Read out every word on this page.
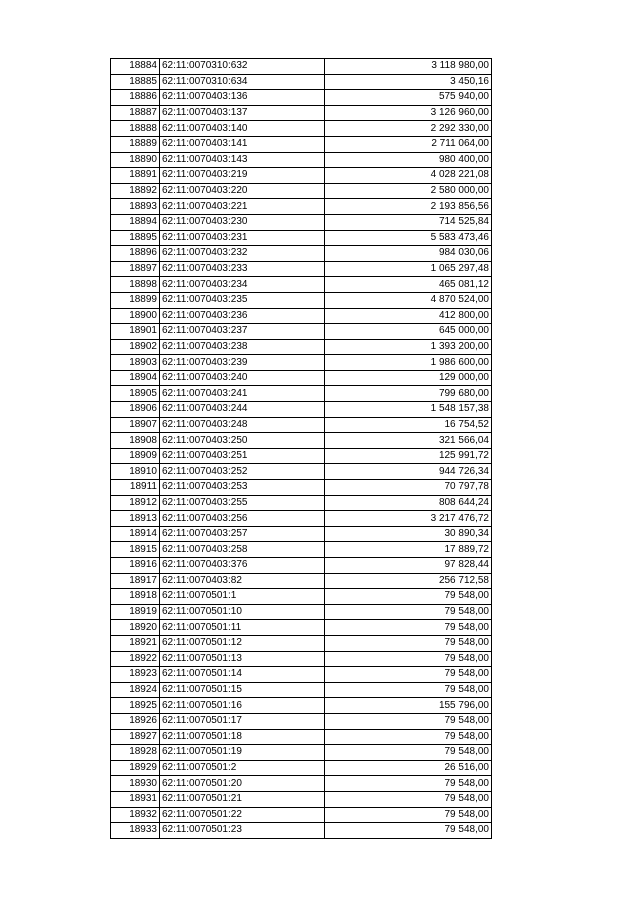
18884	62:11:0070310:632	3 118 980,00
18885	62:11:0070310:634	3 450,16
18886	62:11:0070403:136	575 940,00
18887	62:11:0070403:137	3 126 960,00
18888	62:11:0070403:140	2 292 330,00
18889	62:11:0070403:141	2 711 064,00
18890	62:11:0070403:143	980 400,00
18891	62:11:0070403:219	4 028 221,08
18892	62:11:0070403:220	2 580 000,00
18893	62:11:0070403:221	2 193 856,56
18894	62:11:0070403:230	714 525,84
18895	62:11:0070403:231	5 583 473,46
18896	62:11:0070403:232	984 030,06
18897	62:11:0070403:233	1 065 297,48
18898	62:11:0070403:234	465 081,12
18899	62:11:0070403:235	4 870 524,00
18900	62:11:0070403:236	412 800,00
18901	62:11:0070403:237	645 000,00
18902	62:11:0070403:238	1 393 200,00
18903	62:11:0070403:239	1 986 600,00
18904	62:11:0070403:240	129 000,00
18905	62:11:0070403:241	799 680,00
18906	62:11:0070403:244	1 548 157,38
18907	62:11:0070403:248	16 754,52
18908	62:11:0070403:250	321 566,04
18909	62:11:0070403:251	125 991,72
18910	62:11:0070403:252	944 726,34
18911	62:11:0070403:253	70 797,78
18912	62:11:0070403:255	808 644,24
18913	62:11:0070403:256	3 217 476,72
18914	62:11:0070403:257	30 890,34
18915	62:11:0070403:258	17 889,72
18916	62:11:0070403:376	97 828,44
18917	62:11:0070403:82	256 712,58
18918	62:11:0070501:1	79 548,00
18919	62:11:0070501:10	79 548,00
18920	62:11:0070501:11	79 548,00
18921	62:11:0070501:12	79 548,00
18922	62:11:0070501:13	79 548,00
18923	62:11:0070501:14	79 548,00
18924	62:11:0070501:15	79 548,00
18925	62:11:0070501:16	155 796,00
18926	62:11:0070501:17	79 548,00
18927	62:11:0070501:18	79 548,00
18928	62:11:0070501:19	79 548,00
18929	62:11:0070501:2	26 516,00
18930	62:11:0070501:20	79 548,00
18931	62:11:0070501:21	79 548,00
18932	62:11:0070501:22	79 548,00
18933	62:11:0070501:23	79 548,00
